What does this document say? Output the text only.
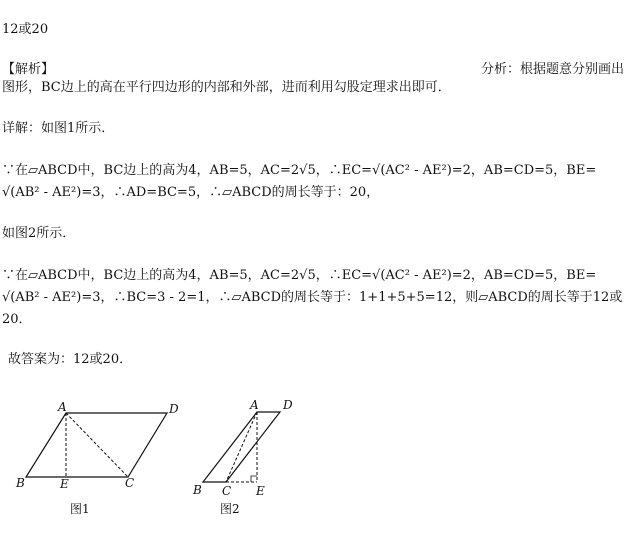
12或20
【解析】	分析：根据题意分别画出
图形，BC边上的高在平行四边形的内部和外部，进而利用勾股定理求出即可．
详解：如图1所示．
∵在▱ABCD中，BC边上的高为4，AB=5，AC=2√5，∴EC=√(AC² - AE²)=2，AB=CD=5，BE=
√(AB² - AE²)=3，∴AD=BC=5，∴▱ABCD的周长等于：20，
如图2所示．
∵在▱ABCD中，BC边上的高为4，AB=5，AC=2√5，∴EC=√(AC² - AE²)=2，AB=CD=5，BE=
√(AB² - AE²)=3，∴BC=3 - 2=1，∴▱ABCD的周长等于：1+1+5+5=12，则▱ABCD的周长等于12或
20．
故答案为：12或20．
A	D
B	E	C
A D
B C E
图1	图2
